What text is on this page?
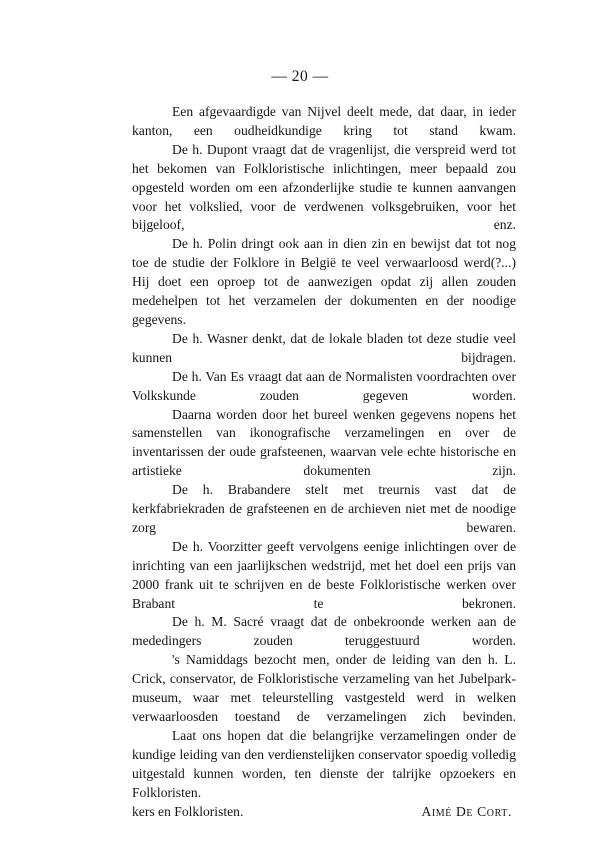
— 20 —

Een afgevaardigde van Nijvel deelt mede, dat daar, in ieder kanton, een oudheidkundige kring tot stand kwam.

De h. Dupont vraagt dat de vragenlijst, die verspreid werd tot het bekomen van Folkloristische inlichtingen, meer bepaald zou opgesteld worden om een afzonderlijke studie te kunnen aanvangen voor het volkslied, voor de verdwenen volksgebruiken, voor het bijgeloof, enz.

De h. Polin dringt ook aan in dien zin en bewijst dat tot nog toe de studie der Folklore in België te veel verwaarloosd werd(?...) Hij doet een oproep tot de aanwezigen opdat zij allen zouden medehelpen tot het verzamelen der dokumenten en der noodige gegevens.

De h. Wasner denkt, dat de lokale bladen tot deze studie veel kunnen bijdragen.

De h. Van Es vraagt dat aan de Normalisten voordrachten over Volkskunde zouden gegeven worden.

Daarna worden door het bureel wenken gegevens nopens het samenstellen van ikonografische verzamelingen en over de inventarissen der oude grafsteenen, waarvan vele echte historische en artistieke dokumenten zijn.

De h. Brabandere stelt met treurnis vast dat de kerkfabriekraden de grafsteenen en de archieven niet met de noodige zorg bewaren.

De h. Voorzitter geeft vervolgens eenige inlichtingen over de inrichting van een jaarlijkschen wedstrijd, met het doel een prijs van 2000 frank uit te schrijven en de beste Folkloristische werken over Brabant te bekronen.

De h. M. Sacré vraagt dat de onbekroonde werken aan de mededingers zouden teruggestuurd worden.

's Namiddags bezocht men, onder de leiding van den h. L. Crick, conservator, de Folkloristische verzameling van het Jubelpark-museum, waar met teleurstelling vastgesteld werd in welken verwaarloosden toestand de verzamelingen zich bevinden.

Laat ons hopen dat die belangrijke verzamelingen onder de kundige leiding van den verdienstelijken conservator spoedig volledig uitgestald kunnen worden, ten dienste der talrijke opzoekers en Folkloristen.

kers en Folkloristen.	Aimé De Cort.
